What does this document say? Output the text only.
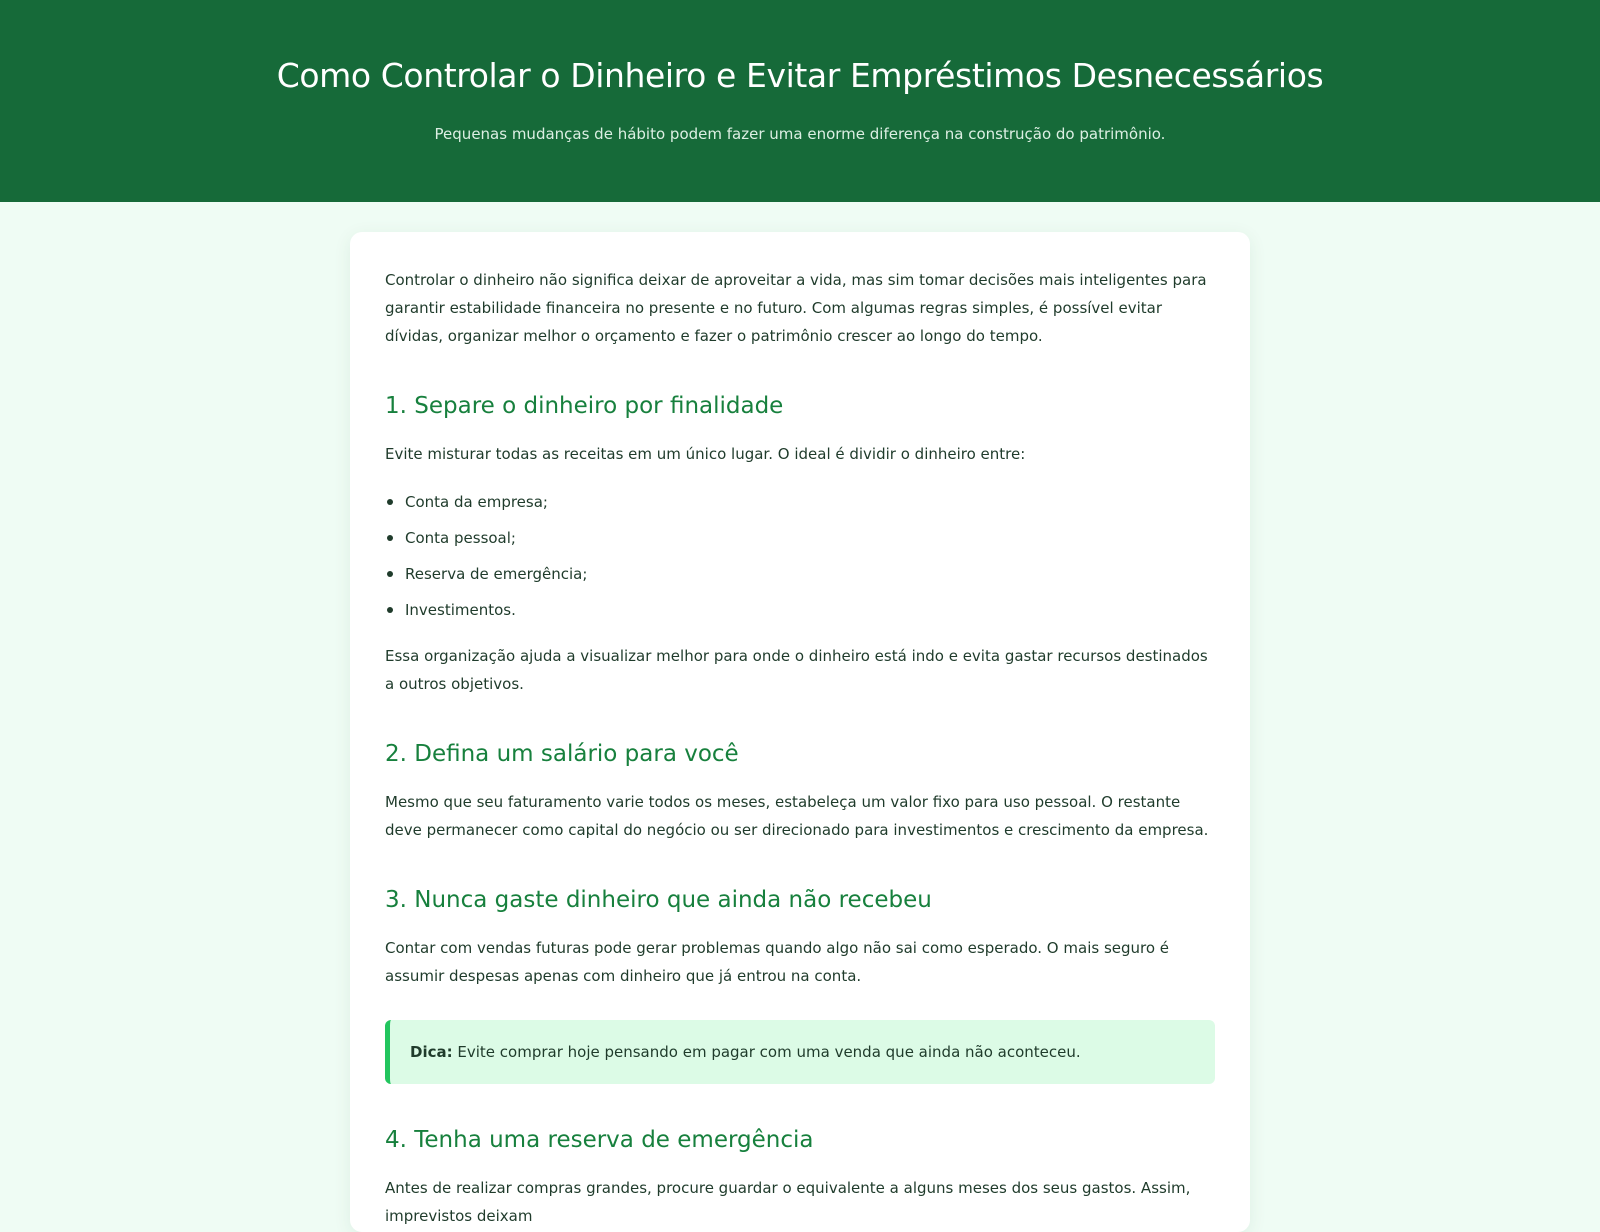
Como Controlar o Dinheiro e Evitar Empréstimos Desnecessários

Pequenas mudanças de hábito podem fazer uma enorme diferença na construção do patrimônio.

Controlar o dinheiro não significa deixar de aproveitar a vida, mas sim tomar decisões mais inteligentes para garantir estabilidade financeira no presente e no futuro. Com algumas regras simples, é possível evitar dívidas, organizar melhor o orçamento e fazer o patrimônio crescer ao longo do tempo.

1. Separe o dinheiro por finalidade

Evite misturar todas as receitas em um único lugar. O ideal é dividir o dinheiro entre:

Conta da empresa;
Conta pessoal;
Reserva de emergência;
Investimentos.

Essa organização ajuda a visualizar melhor para onde o dinheiro está indo e evita gastar recursos destinados a outros objetivos.

2. Defina um salário para você

Mesmo que seu faturamento varie todos os meses, estabeleça um valor fixo para uso pessoal. O restante deve permanecer como capital do negócio ou ser direcionado para investimentos e crescimento da empresa.

3. Nunca gaste dinheiro que ainda não recebeu

Contar com vendas futuras pode gerar problemas quando algo não sai como esperado. O mais seguro é assumir despesas apenas com dinheiro que já entrou na conta.

Dica: Evite comprar hoje pensando em pagar com uma venda que ainda não aconteceu.
4. Tenha uma reserva de emergência

Antes de realizar compras grandes, procure guardar o equivalente a alguns meses dos seus gastos. Assim, imprevistos deixam
